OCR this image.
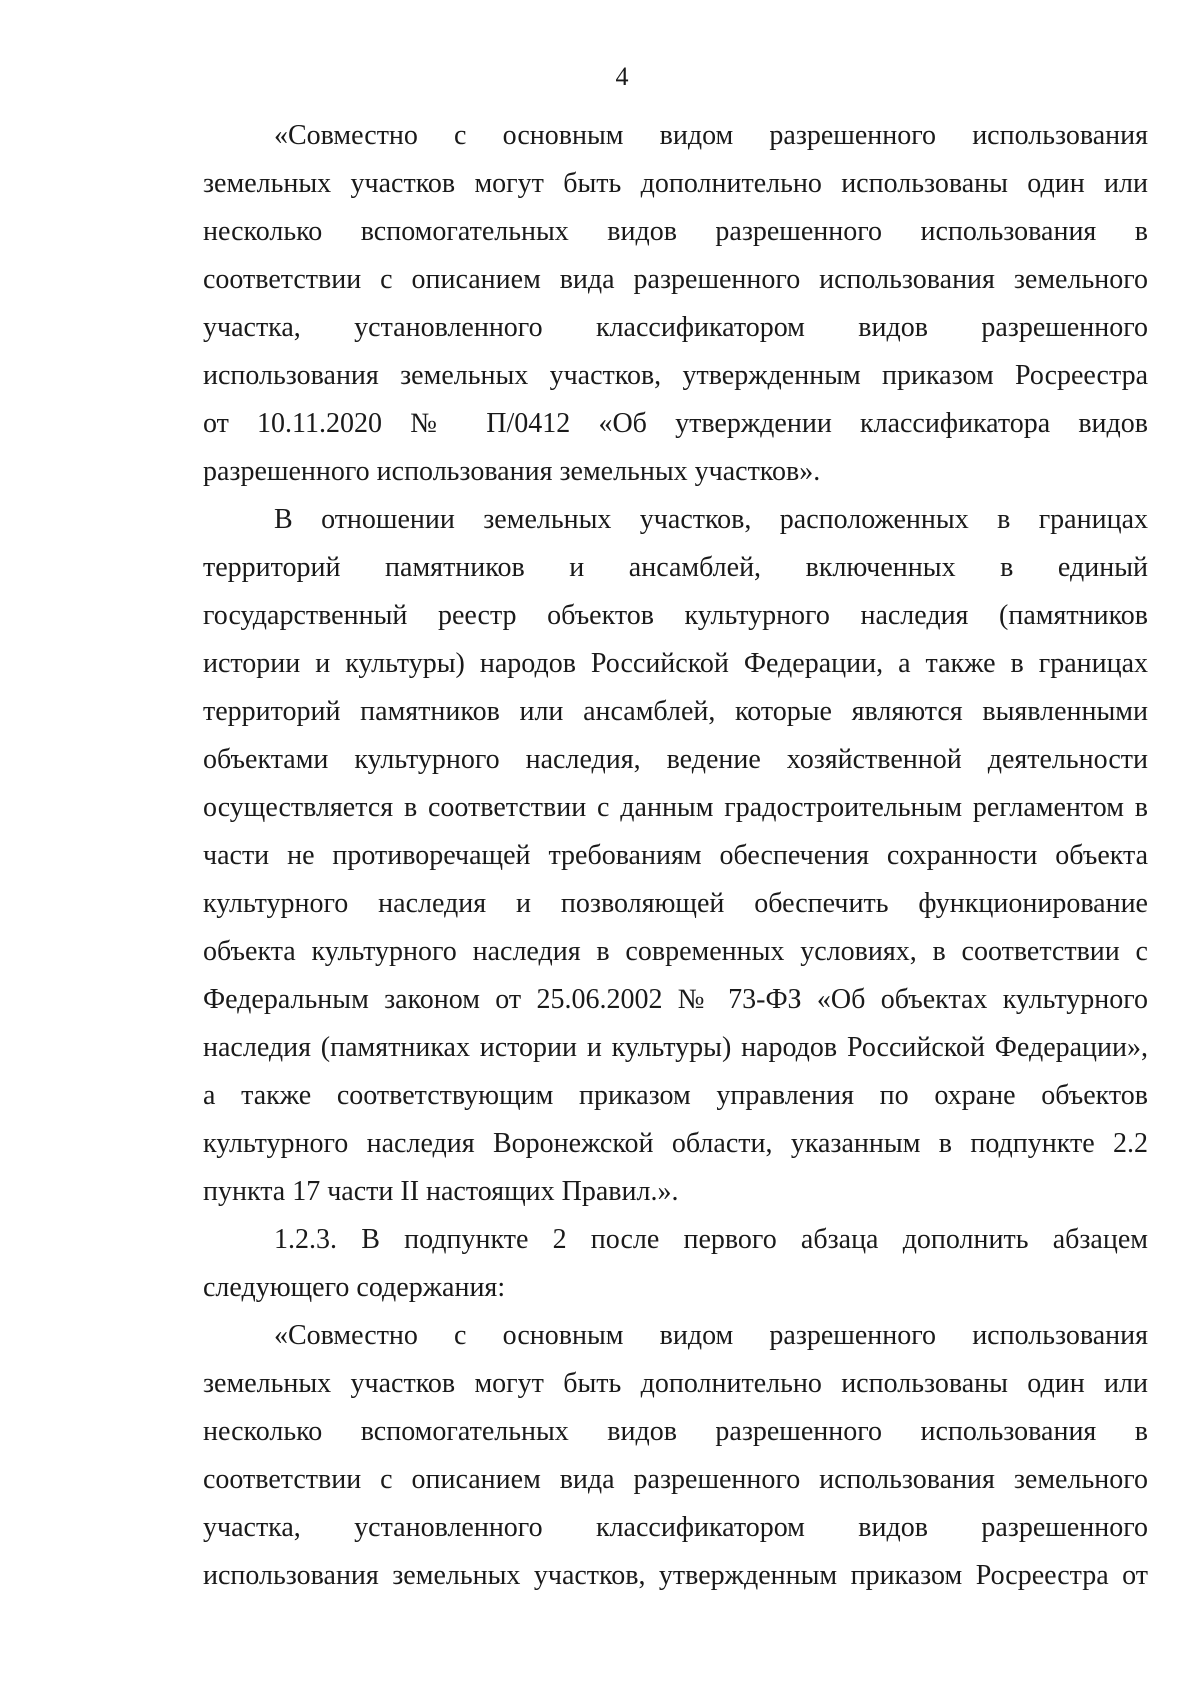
4
«Совместно с основным видом разрешенного использования
земельных участков могут быть дополнительно использованы один или
несколько вспомогательных видов разрешенного использования в
соответствии с описанием вида разрешенного использования земельного
участка, установленного классификатором видов разрешенного
использования земельных участков, утвержденным приказом Росреестра
от 10.11.2020 № П/0412 «Об утверждении классификатора видов
разрешенного использования земельных участков».
В отношении земельных участков, расположенных в границах
территорий памятников и ансамблей, включенных в единый
государственный реестр объектов культурного наследия (памятников
истории и культуры) народов Российской Федерации, а также в границах
территорий памятников или ансамблей, которые являются выявленными
объектами культурного наследия, ведение хозяйственной деятельности
осуществляется в соответствии с данным градостроительным регламентом в
части не противоречащей требованиям обеспечения сохранности объекта
культурного наследия и позволяющей обеспечить функционирование
объекта культурного наследия в современных условиях, в соответствии с
Федеральным законом от 25.06.2002 № 73-ФЗ «Об объектах культурного
наследия (памятниках истории и культуры) народов Российской Федерации»,
а также соответствующим приказом управления по охране объектов
культурного наследия Воронежской области, указанным в подпункте 2.2
пункта 17 части II настоящих Правил.».
1.2.3. В подпункте 2 после первого абзаца дополнить абзацем
следующего содержания:
«Совместно с основным видом разрешенного использования
земельных участков могут быть дополнительно использованы один или
несколько вспомогательных видов разрешенного использования в
соответствии с описанием вида разрешенного использования земельного
участка, установленного классификатором видов разрешенного
использования земельных участков, утвержденным приказом Росреестра от
